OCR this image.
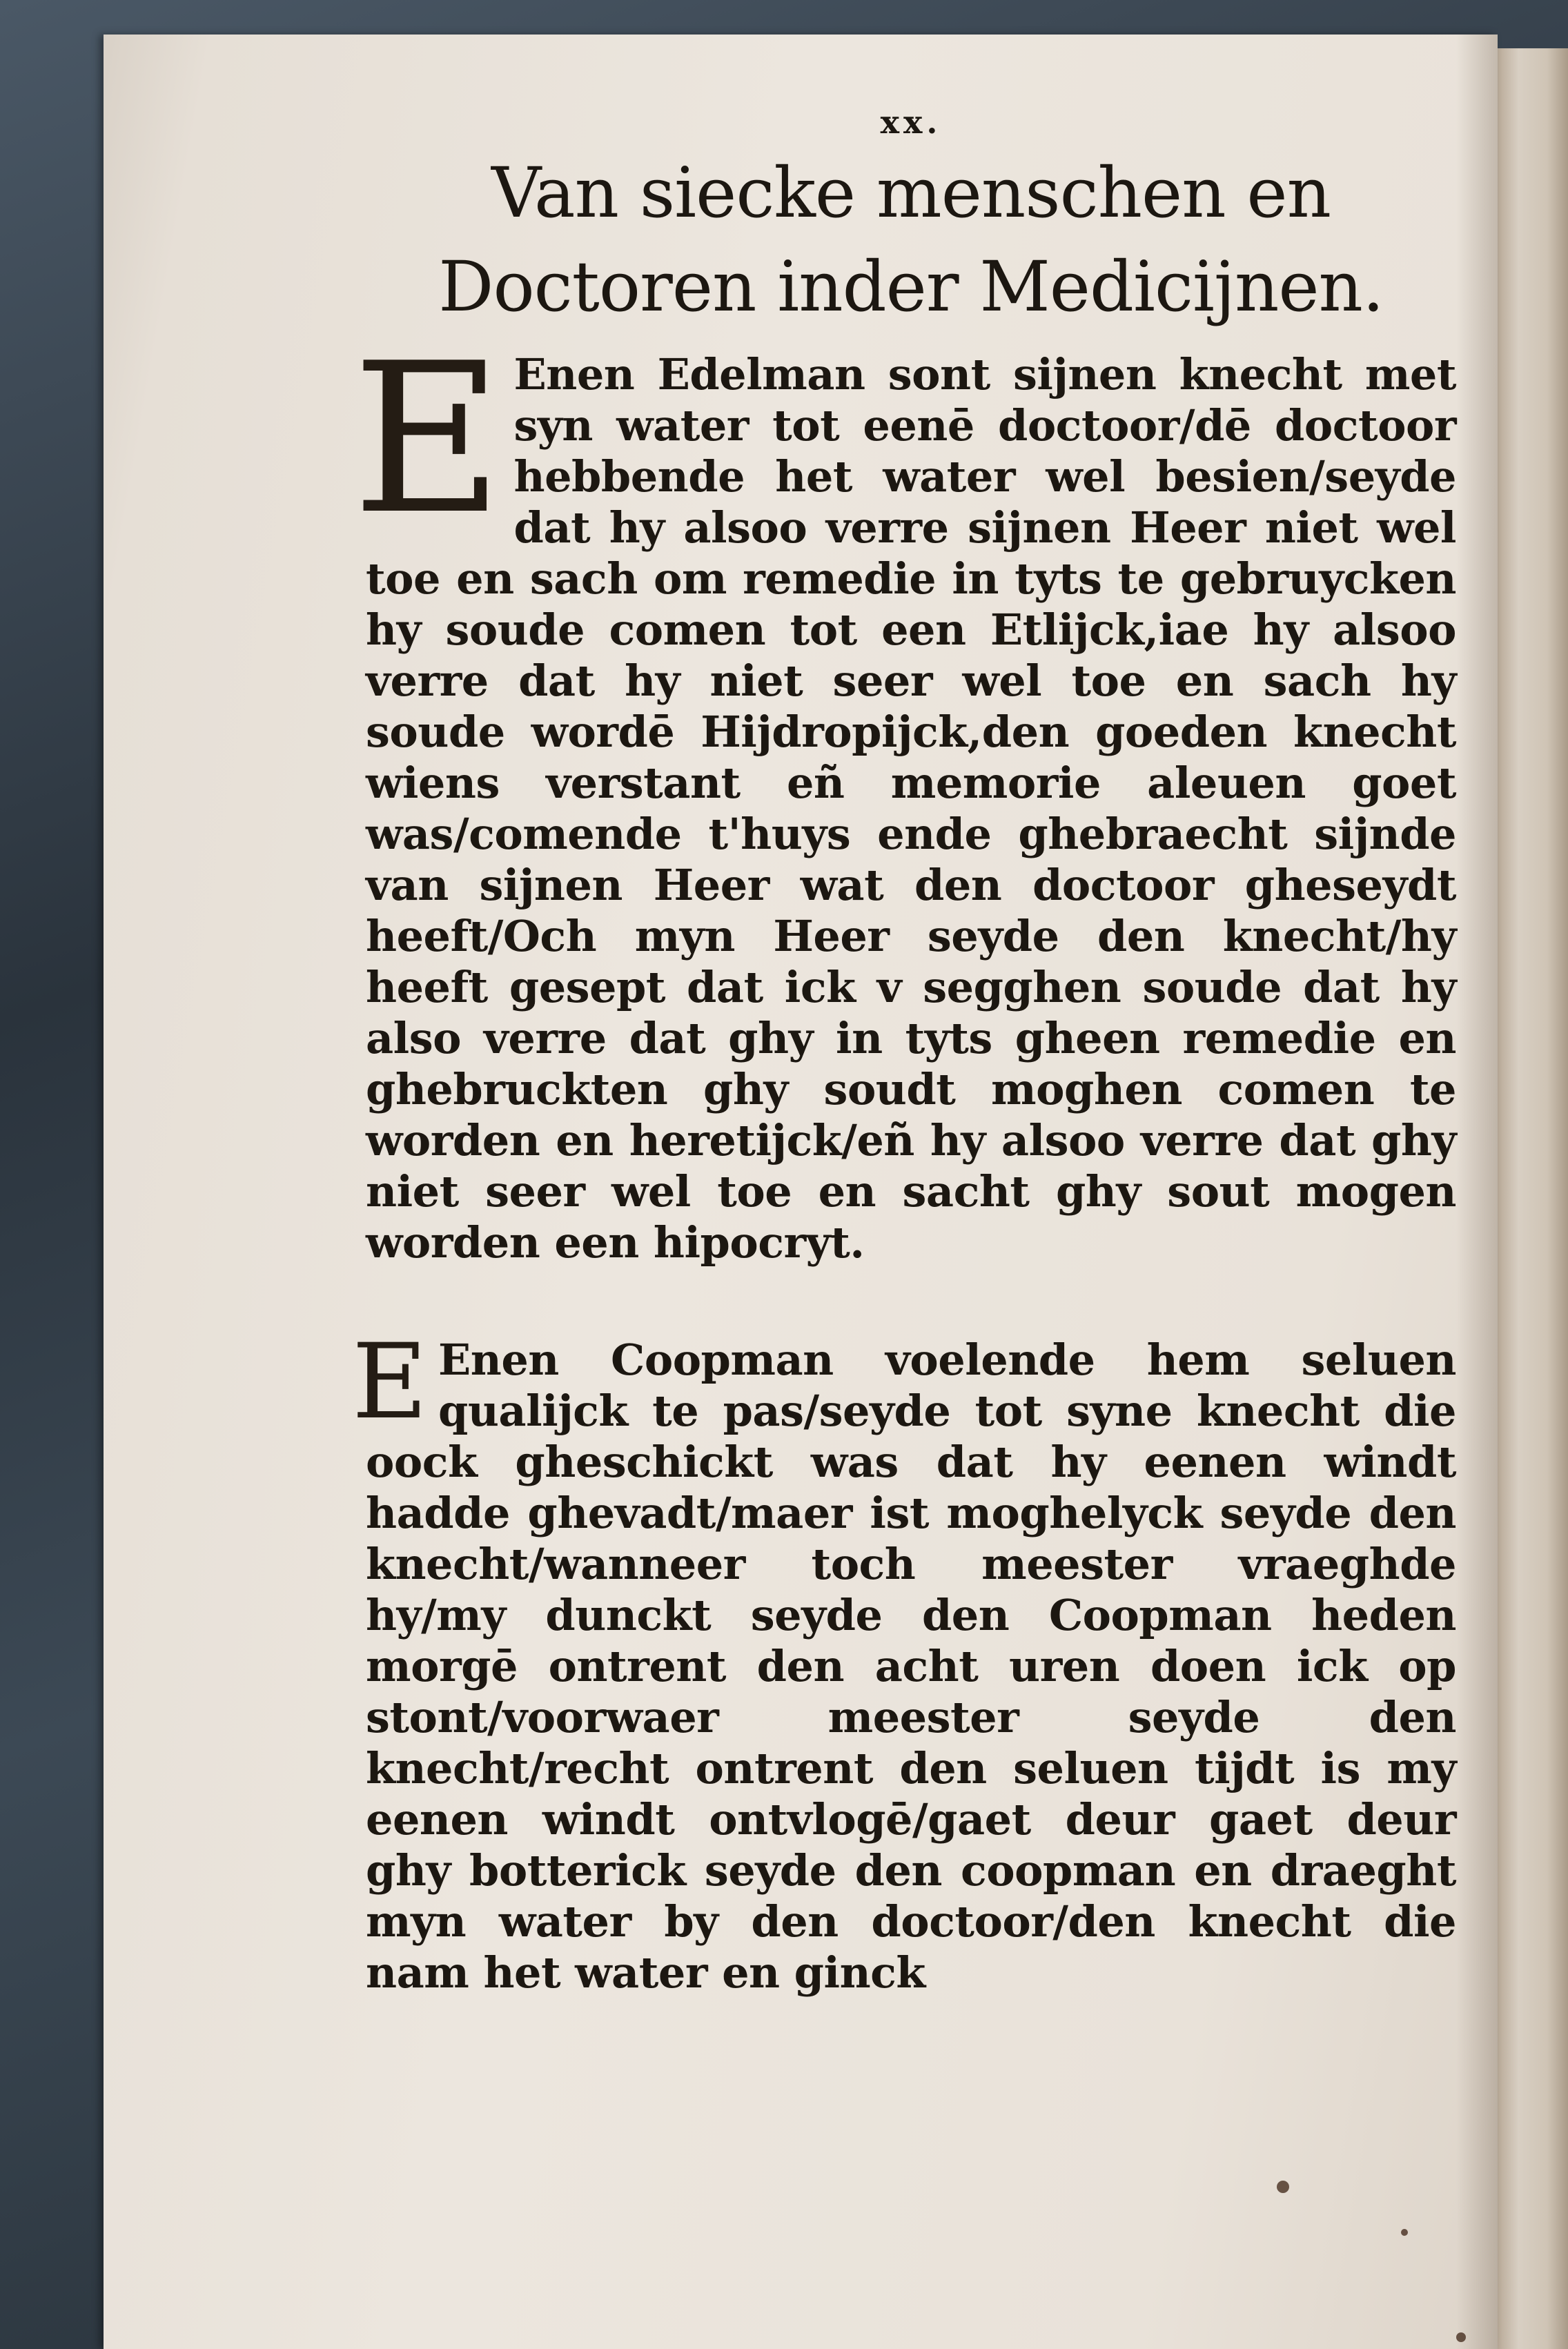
xx.
Van siecke menschen en Doctoren inder Medicijnen.

E Enen Edelman sont sijnen knecht met syn water tot eenē doctoor/dē doctoor hebbende het water wel besien/seyde dat hy alsoo verre sijnen Heer niet wel toe en sach om remedie in tyts te gebruycken hy soude comen tot een Etlijck,iae hy alsoo verre dat hy niet seer wel toe en sach hy soude wordē Hijdropijck,den goeden knecht wiens verstant eñ memorie aleuen goet was/comende t'huys ende ghebraecht sijnde van sijnen Heer wat den doctoor gheseydt heeft/Och myn Heer seyde den knecht/hy heeft gesept dat ick v segghen soude dat hy also verre dat ghy in tyts gheen remedie en ghebruckten ghy soudt moghen comen te worden en heretijck/eñ hy alsoo verre dat ghy niet seer wel toe en sacht ghy sout mogen worden een hipocryt.

E Enen Coopman voelende hem seluen qualijck te pas/seyde tot syne knecht die oock gheschickt was dat hy eenen windt hadde ghevadt/maer ist moghelyck seyde den knecht/wanneer toch meester vraeghde hy/my dunckt seyde den Coopman heden morgē ontrent den acht uren doen ick op stont/voorwaer meester seyde den knecht/recht ontrent den seluen tijdt is my eenen windt ontvlogē/gaet deur gaet deur ghy botterick seyde den coopman en draeght myn water by den doctoor/den knecht die nam het water en ginck
